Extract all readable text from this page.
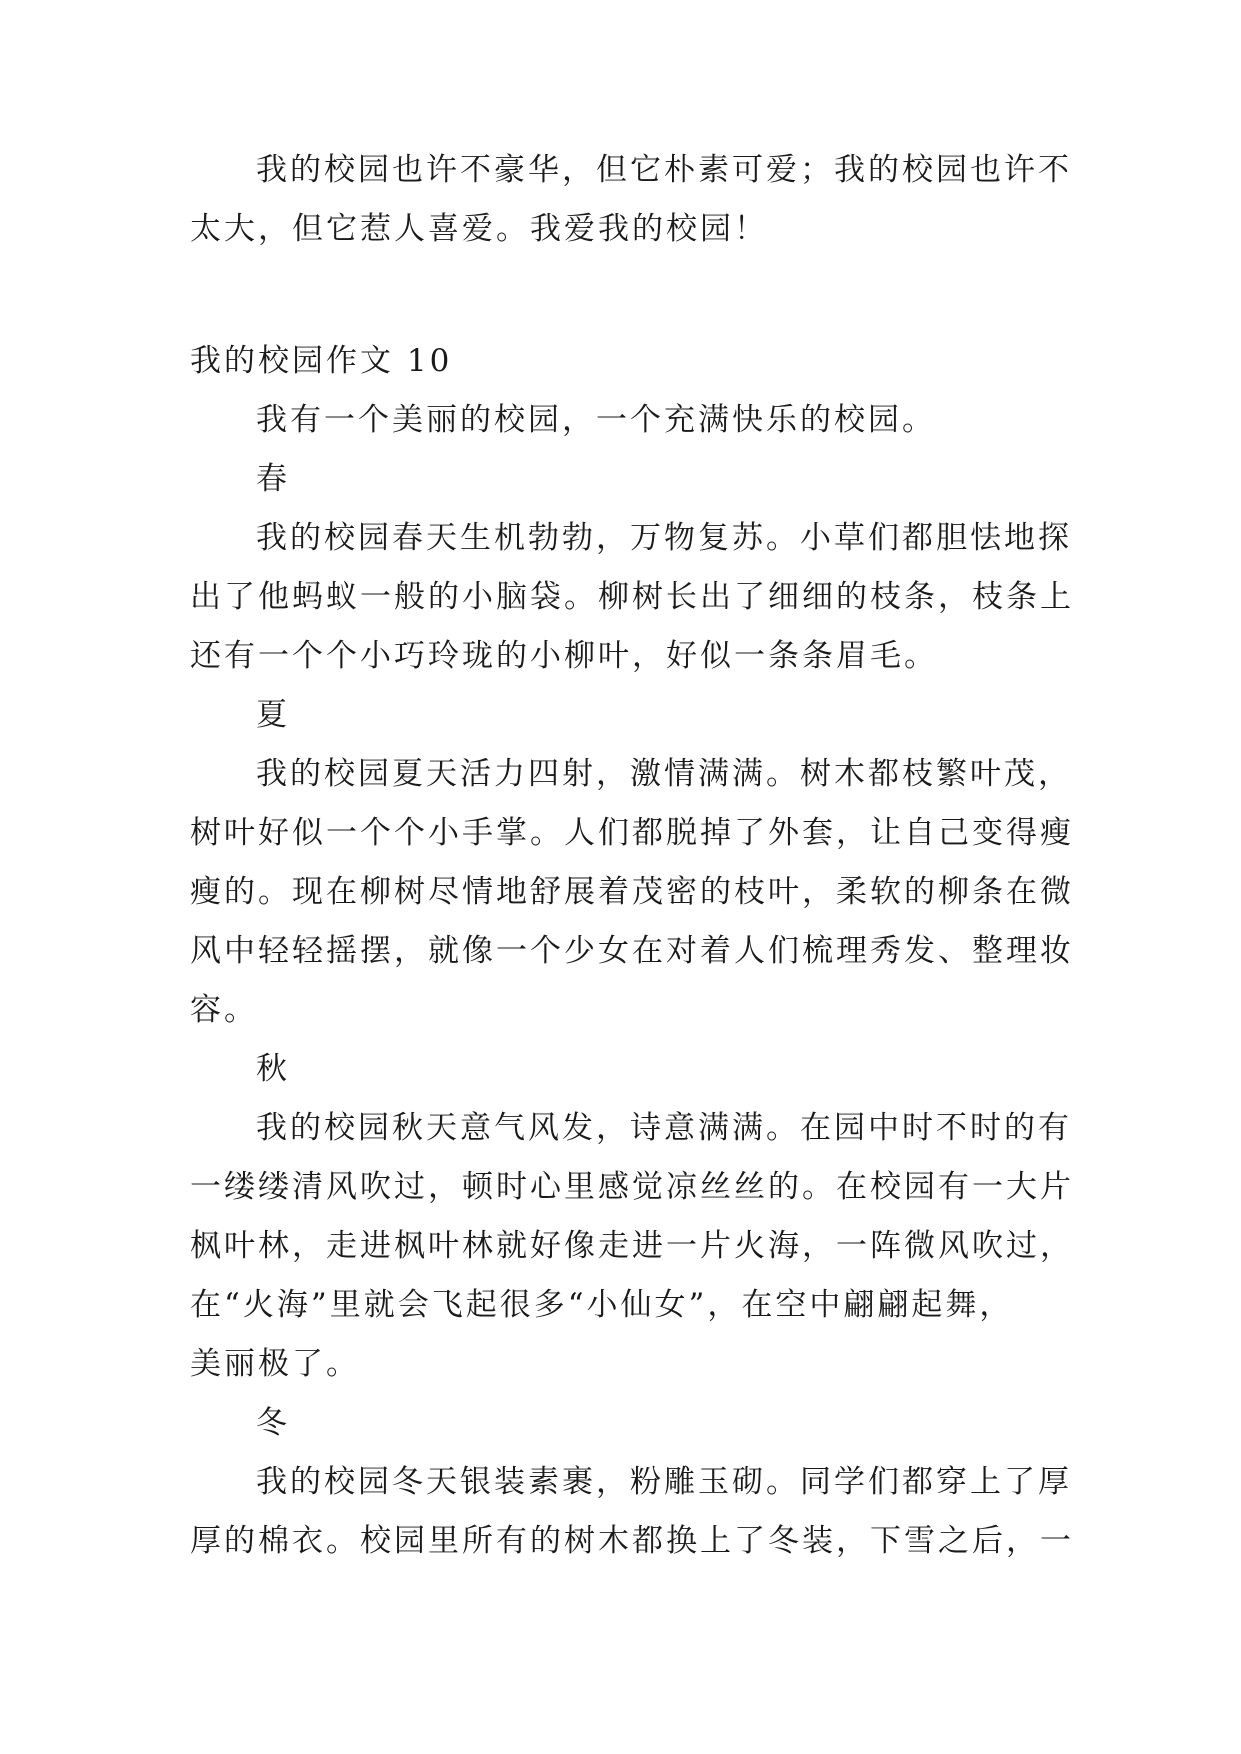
我的校园也许不豪华，但它朴素可爱；我的校园也许不
太大，但它惹人喜爱。我爱我的校园！
我的校园作文 10
我有一个美丽的校园，一个充满快乐的校园。
春
我的校园春天生机勃勃，万物复苏。小草们都胆怯地探
出了他蚂蚁一般的小脑袋。柳树长出了细细的枝条，枝条上
还有一个个小巧玲珑的小柳叶，好似一条条眉毛。
夏
我的校园夏天活力四射，激情满满。树木都枝繁叶茂，
树叶好似一个个小手掌。人们都脱掉了外套，让自己变得瘦
瘦的。现在柳树尽情地舒展着茂密的枝叶，柔软的柳条在微
风中轻轻摇摆，就像一个少女在对着人们梳理秀发、整理妆
容。
秋
我的校园秋天意气风发，诗意满满。在园中时不时的有
一缕缕清风吹过，顿时心里感觉凉丝丝的。在校园有一大片
枫叶林，走进枫叶林就好像走进一片火海，一阵微风吹过，
在“火海”里就会飞起很多“小仙女”，在空中翩翩起舞，
美丽极了。
冬
我的校园冬天银装素裹，粉雕玉砌。同学们都穿上了厚
厚的棉衣。校园里所有的树木都换上了冬装，下雪之后，一
